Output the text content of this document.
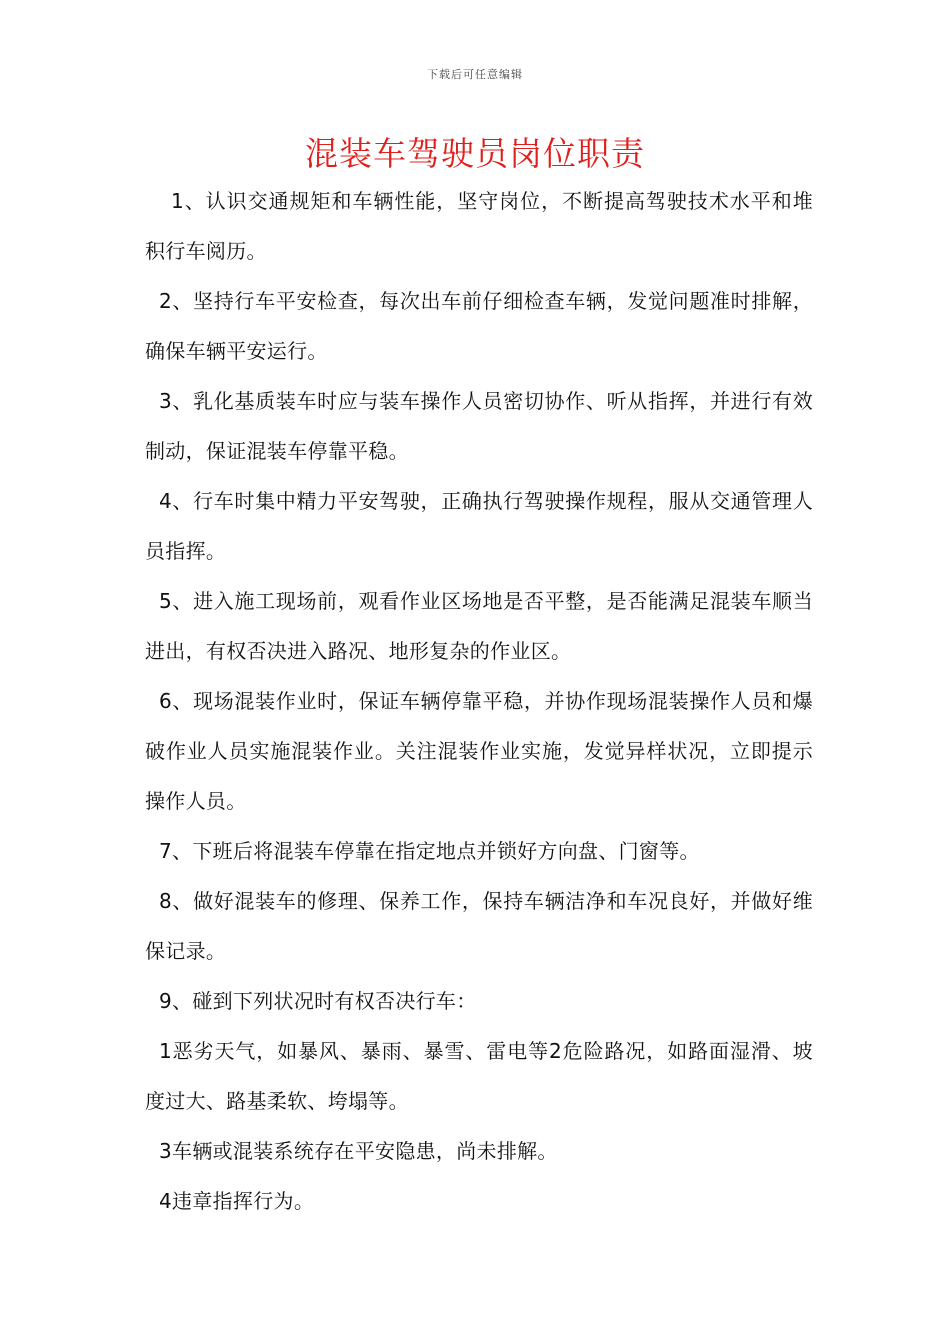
下载后可任意编辑
混装车驾驶员岗位职责

1、认识交通规矩和车辆性能，坚守岗位，不断提高驾驶技术水平和堆积行车阅历。

2、坚持行车平安检查，每次出车前仔细检查车辆，发觉问题准时排解，确保车辆平安运行。

3、乳化基质装车时应与装车操作人员密切协作、听从指挥，并进行有效制动，保证混装车停靠平稳。

4、行车时集中精力平安驾驶，正确执行驾驶操作规程，服从交通管理人员指挥。

5、进入施工现场前，观看作业区场地是否平整，是否能满足混装车顺当进出，有权否决进入路况、地形复杂的作业区。

6、现场混装作业时，保证车辆停靠平稳，并协作现场混装操作人员和爆破作业人员实施混装作业。关注混装作业实施，发觉异样状况，立即提示操作人员。

7、下班后将混装车停靠在指定地点并锁好方向盘、门窗等。

8、做好混装车的修理、保养工作，保持车辆洁净和车况良好，并做好维保记录。

9、碰到下列状况时有权否决行车：

1恶劣天气，如暴风、暴雨、暴雪、雷电等2危险路况，如路面湿滑、坡度过大、路基柔软、垮塌等。

3车辆或混装系统存在平安隐患，尚未排解。

4违章指挥行为。
